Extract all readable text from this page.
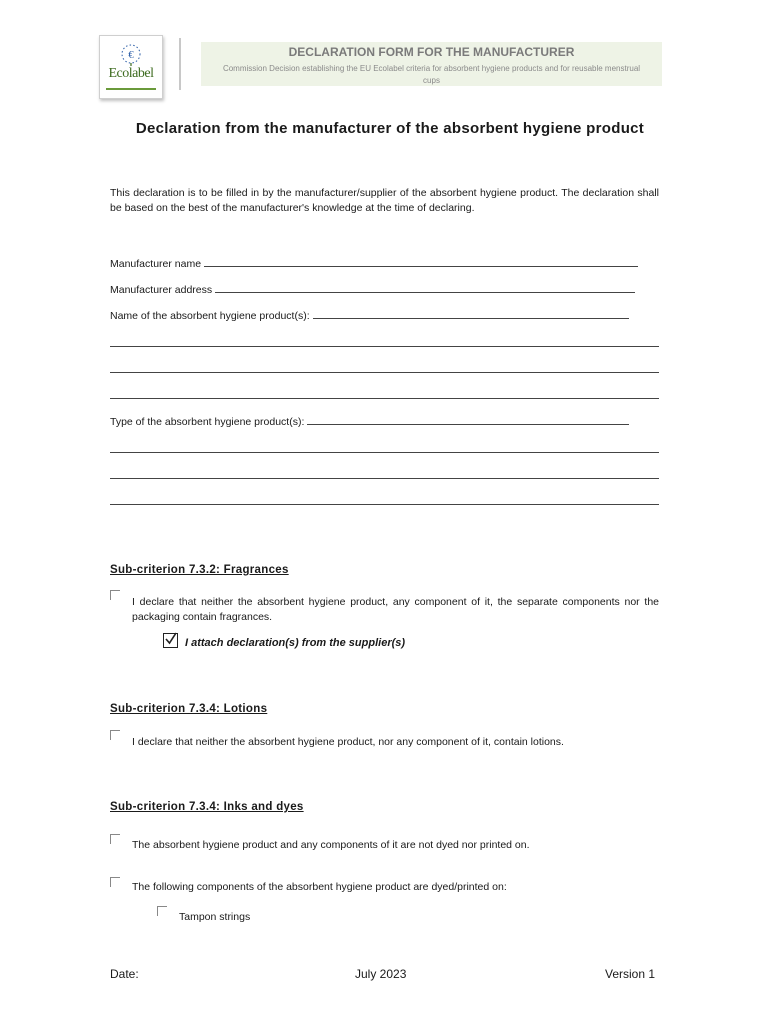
€
Ecolabel
DECLARATION FORM FOR THE MANUFACTURER
Commission Decision establishing the EU Ecolabel criteria for absorbent hygiene products and for reusable menstrual cups
Declaration from the manufacturer of the absorbent hygiene product
This declaration is to be filled in by the manufacturer/supplier of the absorbent hygiene product. The declaration shall be based on the best of the manufacturer's knowledge at the time of declaring.
Manufacturer name
Manufacturer address
Name of the absorbent hygiene product(s):
Type of the absorbent hygiene product(s):
Sub-criterion 7.3.2: Fragrances
I declare that neither the absorbent hygiene product, any component of it, the separate components nor the packaging contain fragrances.
I attach declaration(s) from the supplier(s)
Sub-criterion 7.3.4: Lotions
I declare that neither the absorbent hygiene product, nor any component of it, contain lotions.
Sub-criterion 7.3.4: Inks and dyes
The absorbent hygiene product and any components of it are not dyed nor printed on.
The following components of the absorbent hygiene product are dyed/printed on:
Tampon strings
Date:	July 2023	Version 1
